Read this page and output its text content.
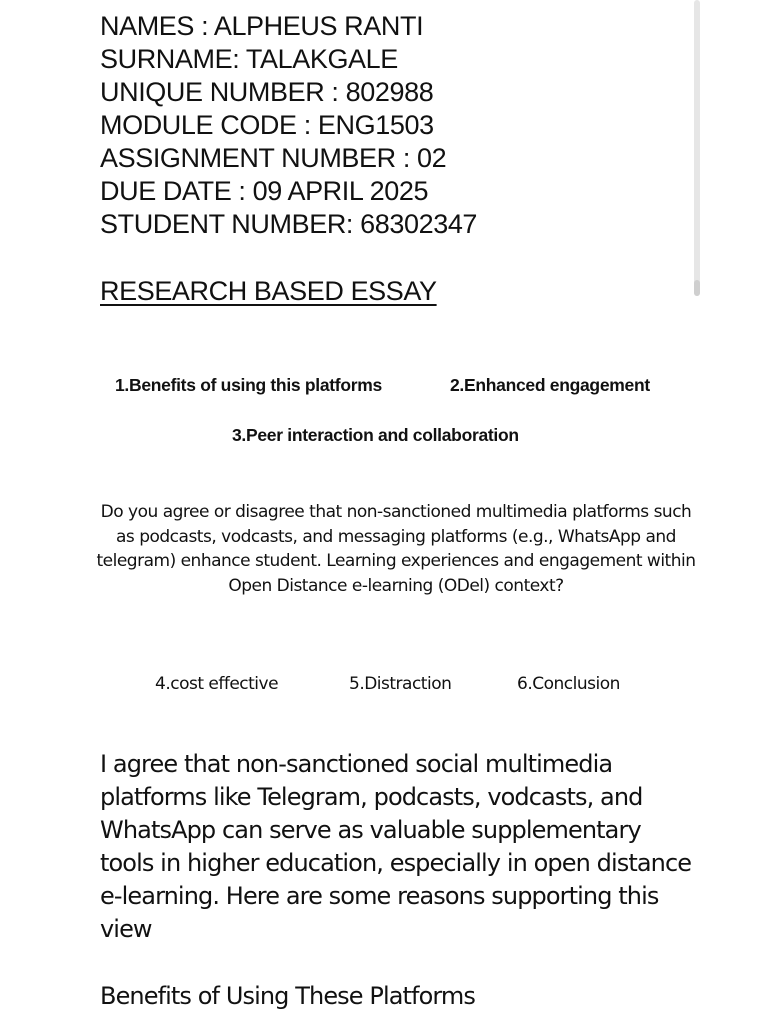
NAMES : ALPHEUS RANTI
SURNAME: TALAKGALE
UNIQUE NUMBER : 802988
MODULE CODE : ENG1503
ASSIGNMENT NUMBER : 02
DUE DATE : 09 APRIL 2025
STUDENT NUMBER: 68302347
RESEARCH BASED ESSAY
1.Benefits of using this platforms	2.Enhanced engagement
3.Peer interaction and collaboration
Do you agree or disagree that non-sanctioned multimedia platforms such as podcasts, vodcasts, and messaging platforms (e.g., WhatsApp and telegram) enhance student. Learning experiences and engagement within Open Distance e-learning (ODel) context?
4.cost effective	5.Distraction	6.Conclusion
I agree that non-sanctioned social multimedia platforms like Telegram, podcasts, vodcasts, and WhatsApp can serve as valuable supplementary tools in higher education, especially in open distance e-learning. Here are some reasons supporting this view
Benefits of Using These Platforms
